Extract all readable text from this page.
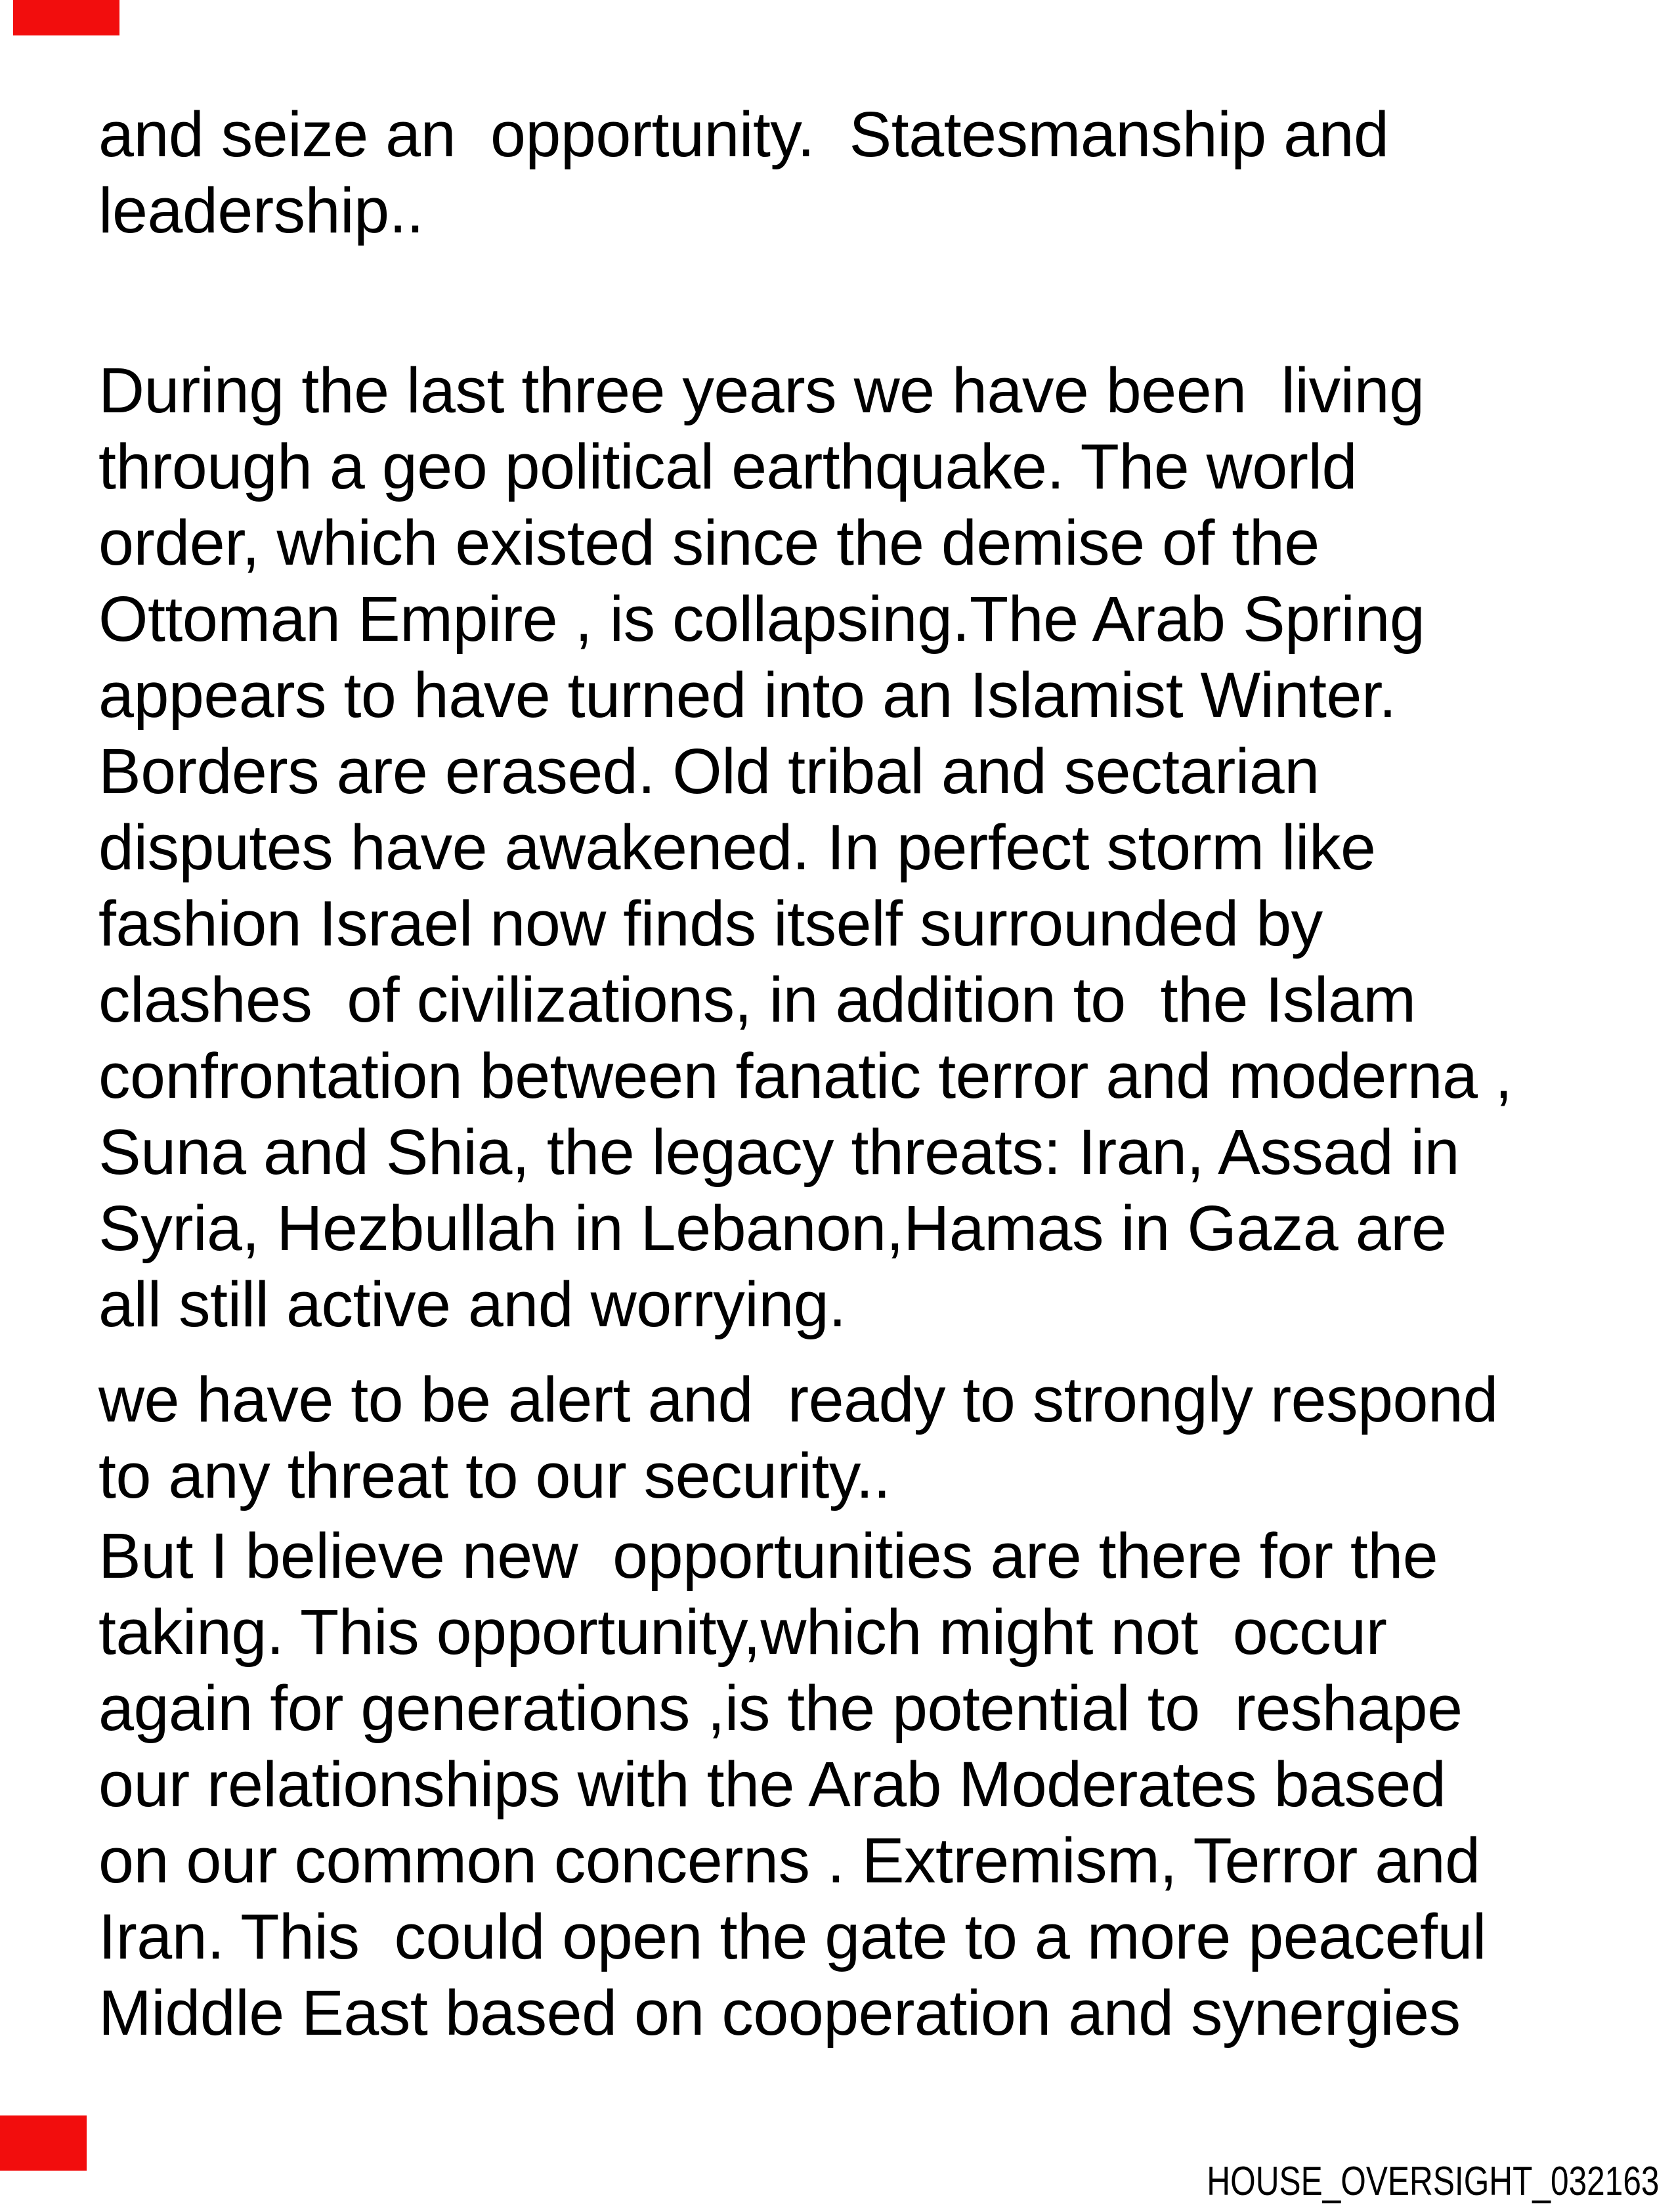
and seize an  opportunity.  Statesmanship and
leadership..
During the last three years we have been  living
through a geo political earthquake. The world
order, which existed since the demise of the
Ottoman Empire , is collapsing.The Arab Spring
appears to have turned into an Islamist Winter.
Borders are erased. Old tribal and sectarian
disputes have awakened. In perfect storm like
fashion Israel now finds itself surrounded by
clashes  of civilizations, in addition to  the Islam
confrontation between fanatic terror and moderna ,
Suna and Shia, the legacy threats: Iran, Assad in
Syria, Hezbullah in Lebanon,Hamas in Gaza are
all still active and worrying.
we have to be alert and  ready to strongly respond
to any threat to our security..
But I believe new  opportunities are there for the
taking. This opportunity,which might not  occur
again for generations ,is the potential to  reshape
our relationships with the Arab Moderates based
on our common concerns . Extremism, Terror and
Iran. This  could open the gate to a more peaceful
Middle East based on cooperation and synergies
HOUSE_OVERSIGHT_032163
